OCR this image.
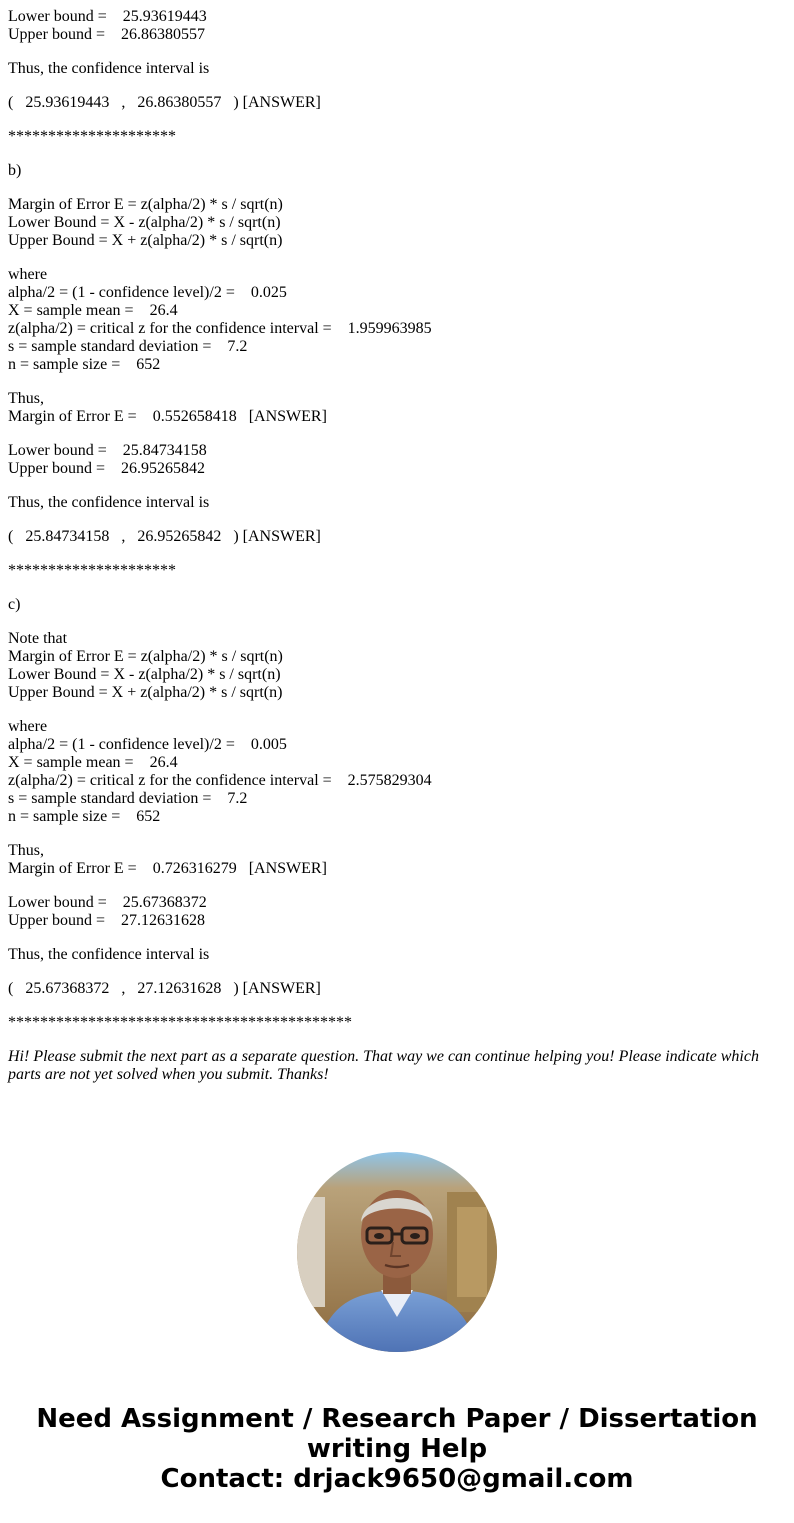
Lower bound =    25.93619443
Upper bound =    26.86380557
Thus, the confidence interval is
(   25.93619443   ,   26.86380557   ) [ANSWER]
*********************
b)
Margin of Error E = z(alpha/2) * s / sqrt(n)
Lower Bound = X - z(alpha/2) * s / sqrt(n)
Upper Bound = X + z(alpha/2) * s / sqrt(n)
where
alpha/2 = (1 - confidence level)/2 =    0.025
X = sample mean =    26.4
z(alpha/2) = critical z for the confidence interval =    1.959963985
s = sample standard deviation =    7.2
n = sample size =    652
Thus,
Margin of Error E =    0.552658418   [ANSWER]
Lower bound =    25.84734158
Upper bound =    26.95265842
Thus, the confidence interval is
(   25.84734158   ,   26.95265842   ) [ANSWER]
*********************
c)
Note that
Margin of Error E = z(alpha/2) * s / sqrt(n)
Lower Bound = X - z(alpha/2) * s / sqrt(n)
Upper Bound = X + z(alpha/2) * s / sqrt(n)
where
alpha/2 = (1 - confidence level)/2 =    0.005
X = sample mean =    26.4
z(alpha/2) = critical z for the confidence interval =    2.575829304
s = sample standard deviation =    7.2
n = sample size =    652
Thus,
Margin of Error E =    0.726316279   [ANSWER]
Lower bound =    25.67368372
Upper bound =    27.12631628
Thus, the confidence interval is
(   25.67368372   ,   27.12631628   ) [ANSWER]
*******************************************
Hi! Please submit the next part as a separate question. That way we can continue helping you! Please indicate which parts are not yet solved when you submit. Thanks!
Need Assignment / Research Paper / Dissertation
writing Help
Contact: drjack9650@gmail.com
